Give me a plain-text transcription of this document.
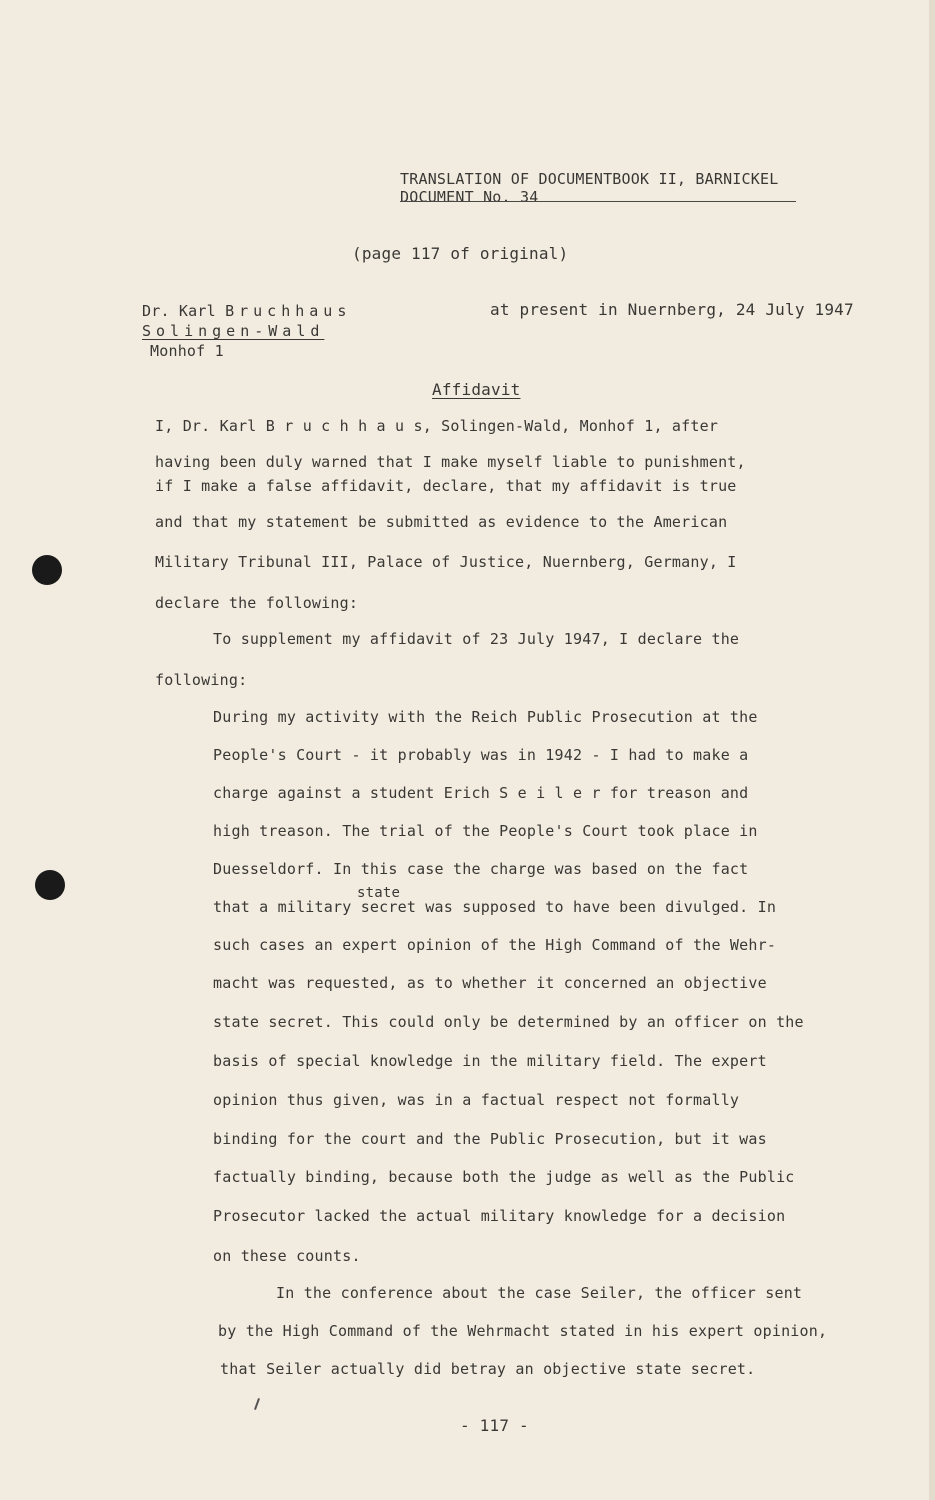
TRANSLATION OF DOCUMENTBOOK II, BARNICKEL
DOCUMENT No. 34
(page 117 of original)
Dr. Karl Bruchhaus	at present in Nuernberg, 24 July 1947
Solingen-Wald
Monhof 1
Affidavit
I, Dr. Karl B r u c h h a u s, Solingen-Wald, Monhof 1, after
having been duly warned that I make myself liable to punishment,
if I make a false affidavit, declare, that my affidavit is true
and that my statement be submitted as evidence to the American
Military Tribunal III, Palace of Justice, Nuernberg, Germany, I
declare the following:
To supplement my affidavit of 23 July 1947, I declare the
following:
During my activity with the Reich Public Prosecution at the
People's Court - it probably was in 1942 - I had to make a
charge against a student Erich S e i l e r for treason and
high treason. The trial of the People's Court took place in
Duesseldorf. In this case the charge was based on the fact
state
that a military secret was supposed to have been divulged. In
such cases an expert opinion of the High Command of the Wehr-
macht was requested, as to whether it concerned an objective
state secret. This could only be determined by an officer on the
basis of special knowledge in the military field. The expert
opinion thus given, was in a factual respect not formally
binding for the court and the Public Prosecution, but it was
factually binding, because both the judge as well as the Public
Prosecutor lacked the actual military knowledge for a decision
on these counts.
In the conference about the case Seiler, the officer sent
by the High Command of the Wehrmacht stated in his expert opinion,
that Seiler actually did betray an objective state secret.
- 117 -
